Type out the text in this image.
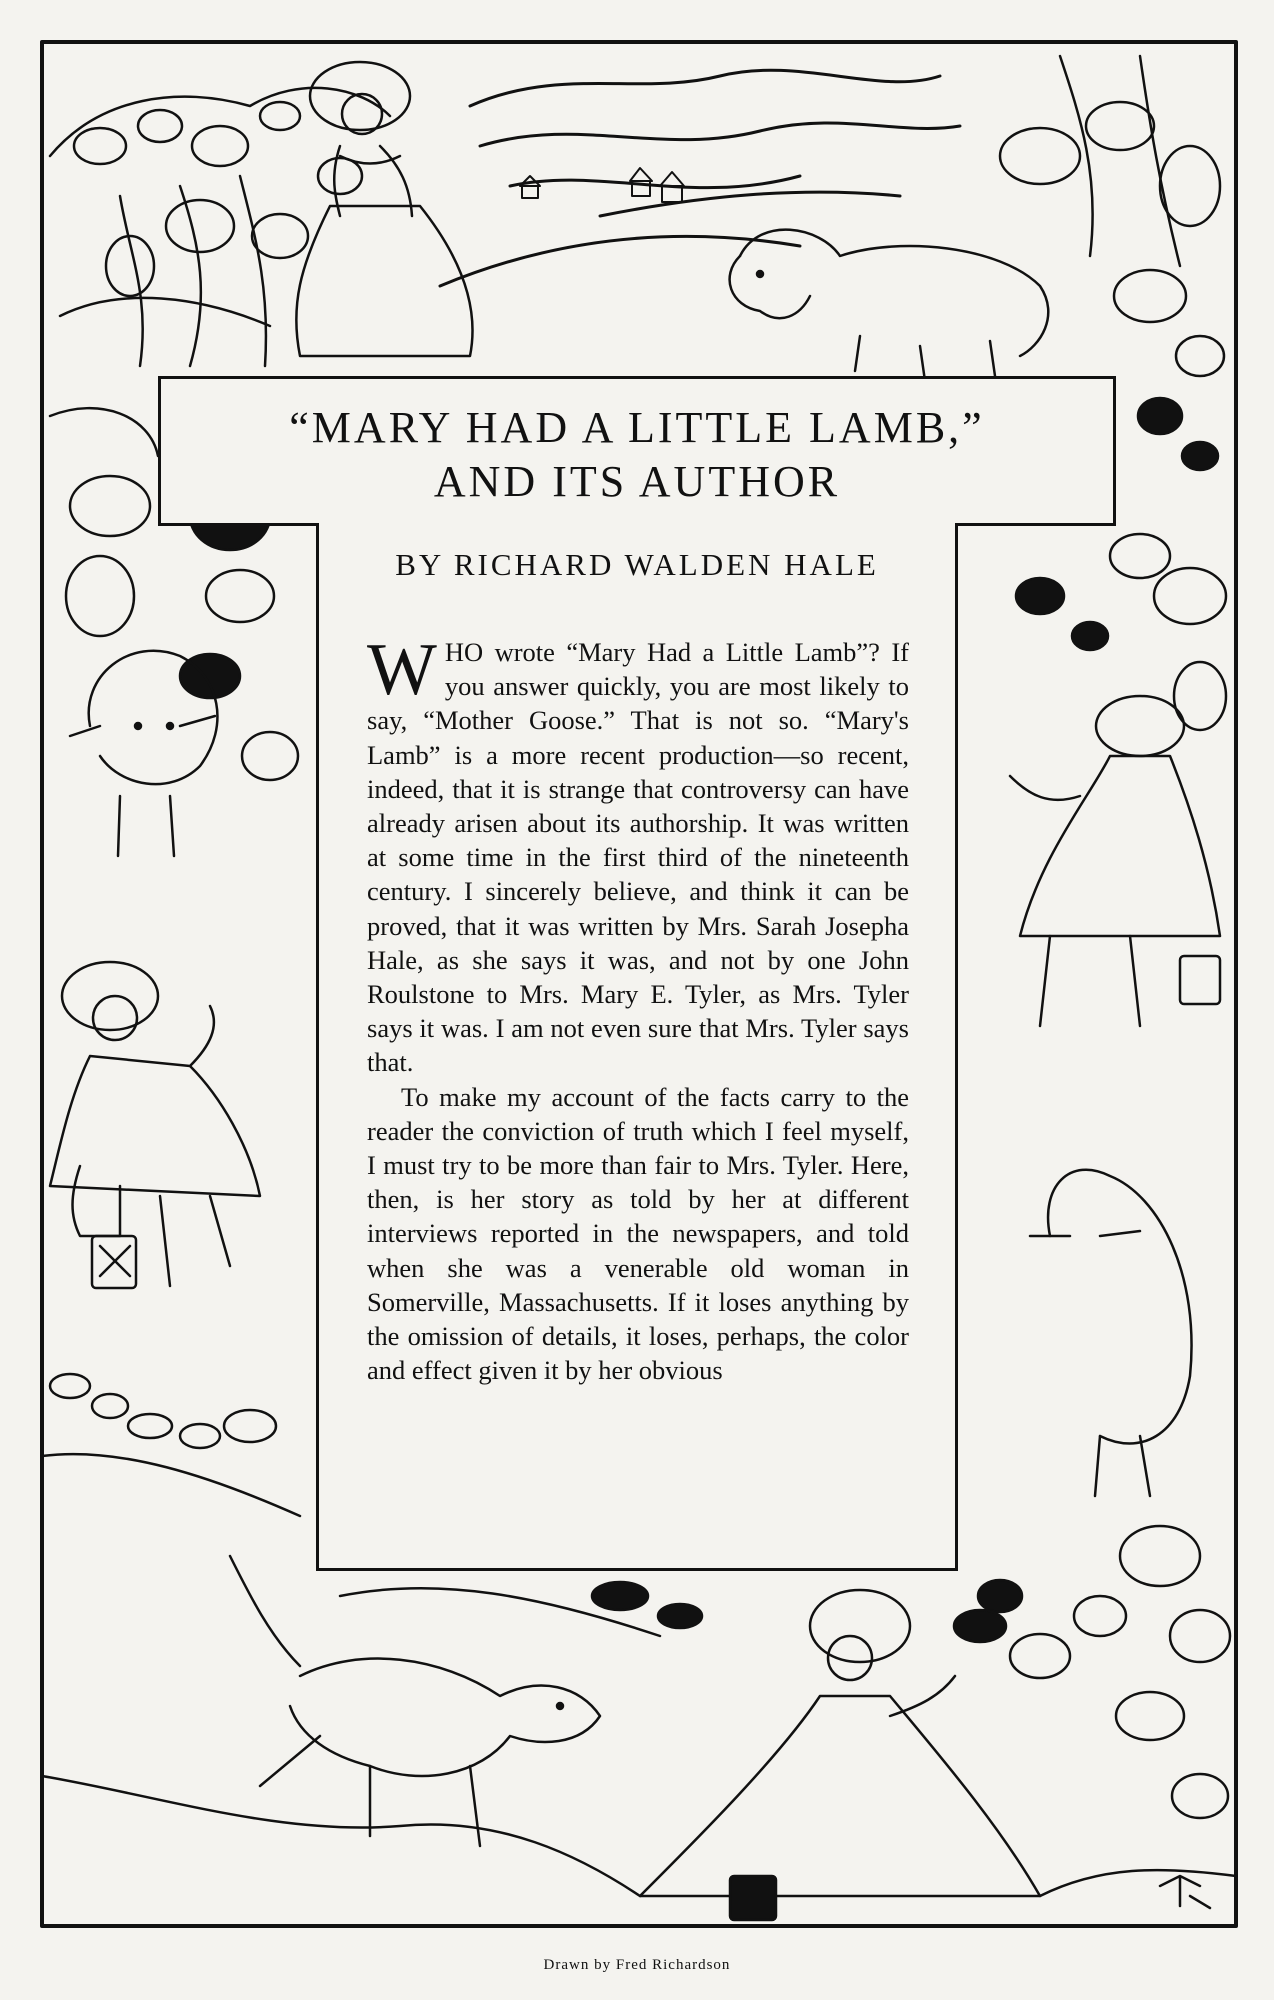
“MARY HAD A LITTLE LAMB,”
AND ITS AUTHOR
BY RICHARD WALDEN HALE

WHO wrote “Mary Had a Little Lamb”? If you answer quickly, you are most likely to say, “Mother Goose.” That is not so. “Mary's Lamb” is a more recent production—so recent, indeed, that it is strange that controversy can have already arisen about its authorship. It was written at some time in the first third of the nineteenth century. I sincerely believe, and think it can be proved, that it was written by Mrs. Sarah Josepha Hale, as she says it was, and not by one John Roulstone to Mrs. Mary E. Tyler, as Mrs. Tyler says it was. I am not even sure that Mrs. Tyler says that.

To make my account of the facts carry to the reader the conviction of truth which I feel myself, I must try to be more than fair to Mrs. Tyler. Here, then, is her story as told by her at different interviews reported in the newspapers, and told when she was a venerable old woman in Somerville, Massachusetts. If it loses anything by the omission of details, it loses, perhaps, the color and effect given it by her obvious

Drawn by Fred Richardson
